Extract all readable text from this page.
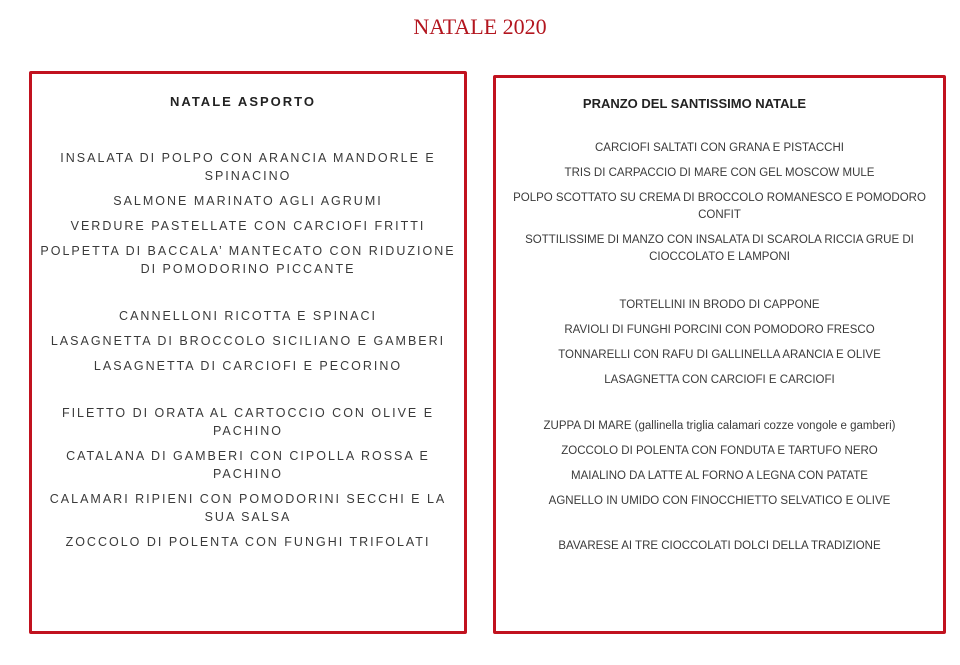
NATALE 2020
NATALE ASPORTO
INSALATA DI POLPO CON ARANCIA MANDORLE E SPINACINO
SALMONE MARINATO AGLI AGRUMI
VERDURE PASTELLATE CON CARCIOFI FRITTI
POLPETTA DI BACCALA’ MANTECATO CON RIDUZIONE DI POMODORINO PICCANTE
CANNELLONI RICOTTA E SPINACI
LASAGNETTA DI BROCCOLO SICILIANO E GAMBERI
LASAGNETTA DI CARCIOFI E PECORINO
FILETTO DI ORATA AL CARTOCCIO CON OLIVE E PACHINO
CATALANA DI GAMBERI CON CIPOLLA ROSSA E PACHINO
CALAMARI RIPIENI CON POMODORINI SECCHI E LA SUA SALSA
ZOCCOLO DI POLENTA CON FUNGHI TRIFOLATI
PRANZO DEL SANTISSIMO NATALE
CARCIOFI SALTATI CON GRANA E PISTACCHI
TRIS DI CARPACCIO DI MARE CON GEL MOSCOW MULE
POLPO SCOTTATO SU CREMA DI BROCCOLO ROMANESCO E POMODORO CONFIT
SOTTILISSIME DI MANZO CON INSALATA DI SCAROLA RICCIA GRUE DI CIOCCOLATO E LAMPONI
TORTELLINI IN BRODO DI CAPPONE
RAVIOLI DI FUNGHI PORCINI CON POMODORO FRESCO
TONNARELLI CON RAFU DI GALLINELLA ARANCIA E OLIVE
LASAGNETTA CON CARCIOFI E CARCIOFI
ZUPPA DI MARE (gallinella triglia calamari cozze vongole e gamberi)
ZOCCOLO DI POLENTA CON FONDUTA E TARTUFO NERO
MAIALINO DA LATTE AL FORNO A LEGNA CON PATATE
AGNELLO IN UMIDO CON FINOCCHIETTO SELVATICO E OLIVE
BAVARESE AI TRE CIOCCOLATI DOLCI DELLA TRADIZIONE
